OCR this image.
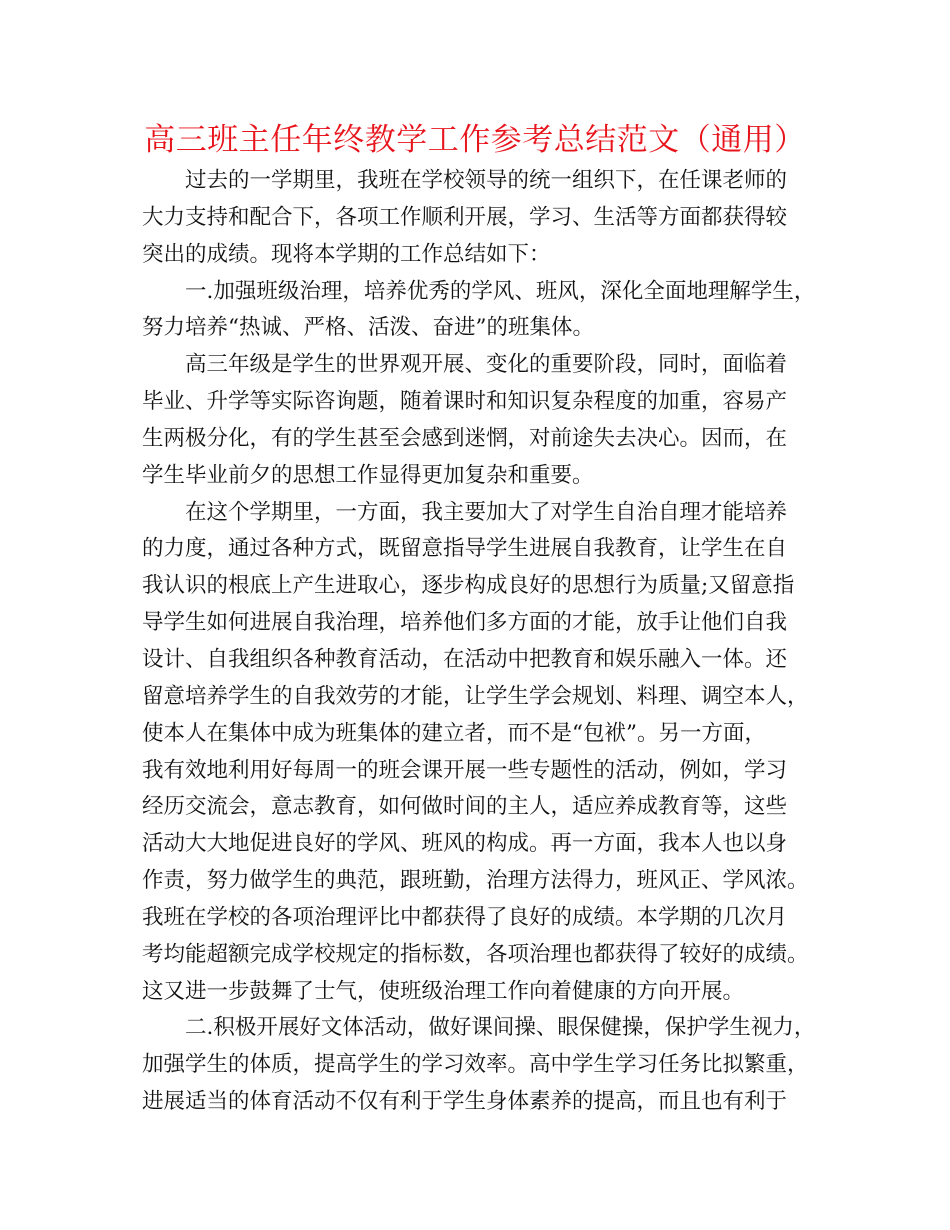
高三班主任年终教学工作参考总结范文（通用）
过去的一学期里，我班在学校领导的统一组织下，在任课老师的
大力支持和配合下，各项工作顺利开展，学习、生活等方面都获得较
突出的成绩。现将本学期的工作总结如下：
一.加强班级治理，培养优秀的学风、班风，深化全面地理解学生，
努力培养“热诚、严格、活泼、奋进”的班集体。
高三年级是学生的世界观开展、变化的重要阶段，同时，面临着
毕业、升学等实际咨询题，随着课时和知识复杂程度的加重，容易产
生两极分化，有的学生甚至会感到迷惘，对前途失去决心。因而，在
学生毕业前夕的思想工作显得更加复杂和重要。
在这个学期里，一方面，我主要加大了对学生自治自理才能培养
的力度，通过各种方式，既留意指导学生进展自我教育，让学生在自
我认识的根底上产生进取心，逐步构成良好的思想行为质量;又留意指
导学生如何进展自我治理，培养他们多方面的才能，放手让他们自我
设计、自我组织各种教育活动，在活动中把教育和娱乐融入一体。还
留意培养学生的自我效劳的才能，让学生学会规划、料理、调空本人，
使本人在集体中成为班集体的建立者，而不是“包袱”。另一方面，
我有效地利用好每周一的班会课开展一些专题性的活动，例如，学习
经历交流会，意志教育，如何做时间的主人，适应养成教育等，这些
活动大大地促进良好的学风、班风的构成。再一方面，我本人也以身
作责，努力做学生的典范，跟班勤，治理方法得力，班风正、学风浓。
我班在学校的各项治理评比中都获得了良好的成绩。本学期的几次月
考均能超额完成学校规定的指标数，各项治理也都获得了较好的成绩。
这又进一步鼓舞了士气，使班级治理工作向着健康的方向开展。
二.积极开展好文体活动，做好课间操、眼保健操，保护学生视力，
加强学生的体质，提高学生的学习效率。高中学生学习任务比拟繁重，
进展适当的体育活动不仅有利于学生身体素养的提高，而且也有利于
